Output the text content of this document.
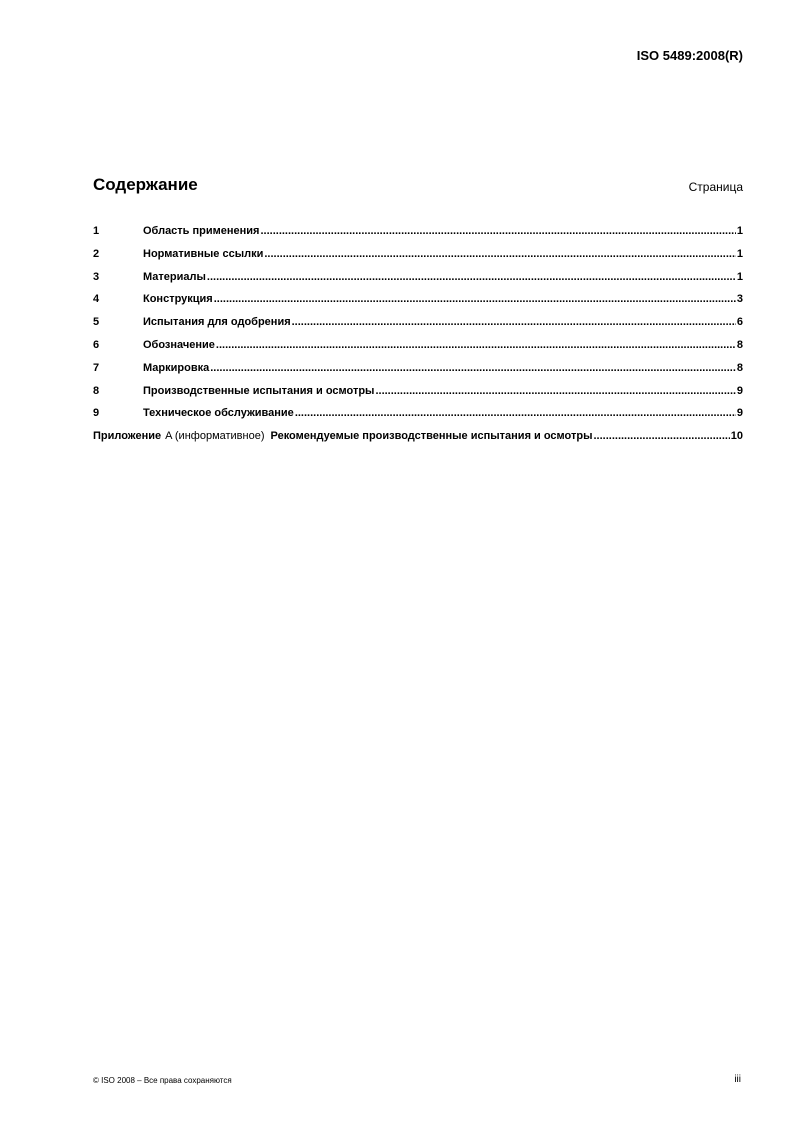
ISO 5489:2008(R)
Содержание	Страница
1	Область применения .....	1
2	Нормативные ссылки .....	1
3	Материалы .....	1
4	Конструкция .....	3
5	Испытания для одобрения .....	6
6	Обозначение .....	8
7	Маркировка .....	8
8	Производственные испытания и осмотры .....	9
9	Техническое обслуживание .....	9
Приложение A (информативное) Рекомендуемые производственные испытания и осмотры .....	10
© ISO 2008 – Все права сохраняются	iii
